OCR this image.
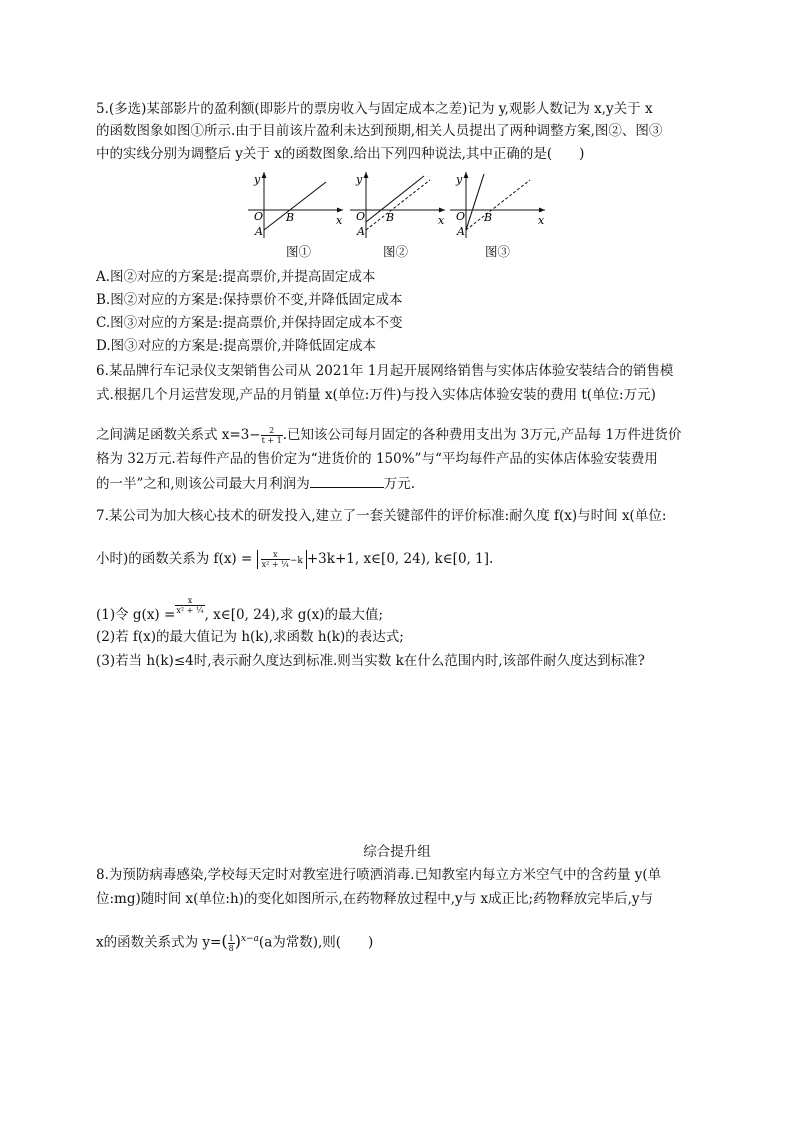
5.(多选)某部影片的盈利额(即影片的票房收入与固定成本之差)记为 y,观影人数记为 x,y关于 x
的函数图象如图①所示.由于目前该片盈利未达到预期,相关人员提出了两种调整方案,图②、图③
中的实线分别为调整后 y关于 x的函数图象.给出下列四种说法,其中正确的是(　　)
y
x
O
A
B
图①
y
x
O
A
B
图②
y
x
O
A
B
图③
A.图②对应的方案是:提高票价,并提高固定成本
B.图②对应的方案是:保持票价不变,并降低固定成本
C.图③对应的方案是:提高票价,并保持固定成本不变
D.图③对应的方案是:提高票价,并降低固定成本
6.某品牌行车记录仪支架销售公司从 2021年 1月起开展网络销售与实体店体验安装结合的销售模
式.根据几个月运营发现,产品的月销量 x(单位:万件)与投入实体店体验安装的费用 t(单位:万元)
之间满足函数关系式 $x=3- \frac{2}{t + 1}$ .已知该公司每月固定的各种费用支出为 3万元,产品每 1万件进货价
格为 32万元.若每件产品的售价定为“进货价的 150%”与“平均每件产品的实体店体验安装费用
的一半”之和,则该公司最大月利润为	万元.
7.某公司为加大核心技术的研发投入,建立了一套关键部件的评价标准:耐久度 f(x)与时间 x(单位:
小时)的函数关系为 $f(x) = \frac{x}{\text{x² + ¼}} -k +3k+1$, x∈[0, 24), k∈[0, 1].
(1)令 $g(x) = \frac{x}{\text{x² + ¼}}$ , x∈[0, 24),求 g(x)的最大值;
(2)若 f(x)的最大值记为 h(k),求函数 h(k)的表达式;
(3)若当 h(k)≤4时,表示耐久度达到标准.则当实数 k在什么范围内时,该部件耐久度达到标准?
综合提升组
8.为预防病毒感染,学校每天定时对教室进行喷洒消毒.已知教室内每立方米空气中的含药量 y(单
位:mg)随时间 x(单位:h)的变化如图所示,在药物释放过程中,y与 x成正比;药物释放完毕后,y与
x的函数关系式为 $y=( \frac{1}{8} )^{x-a}(a$为常数),则(　　)
